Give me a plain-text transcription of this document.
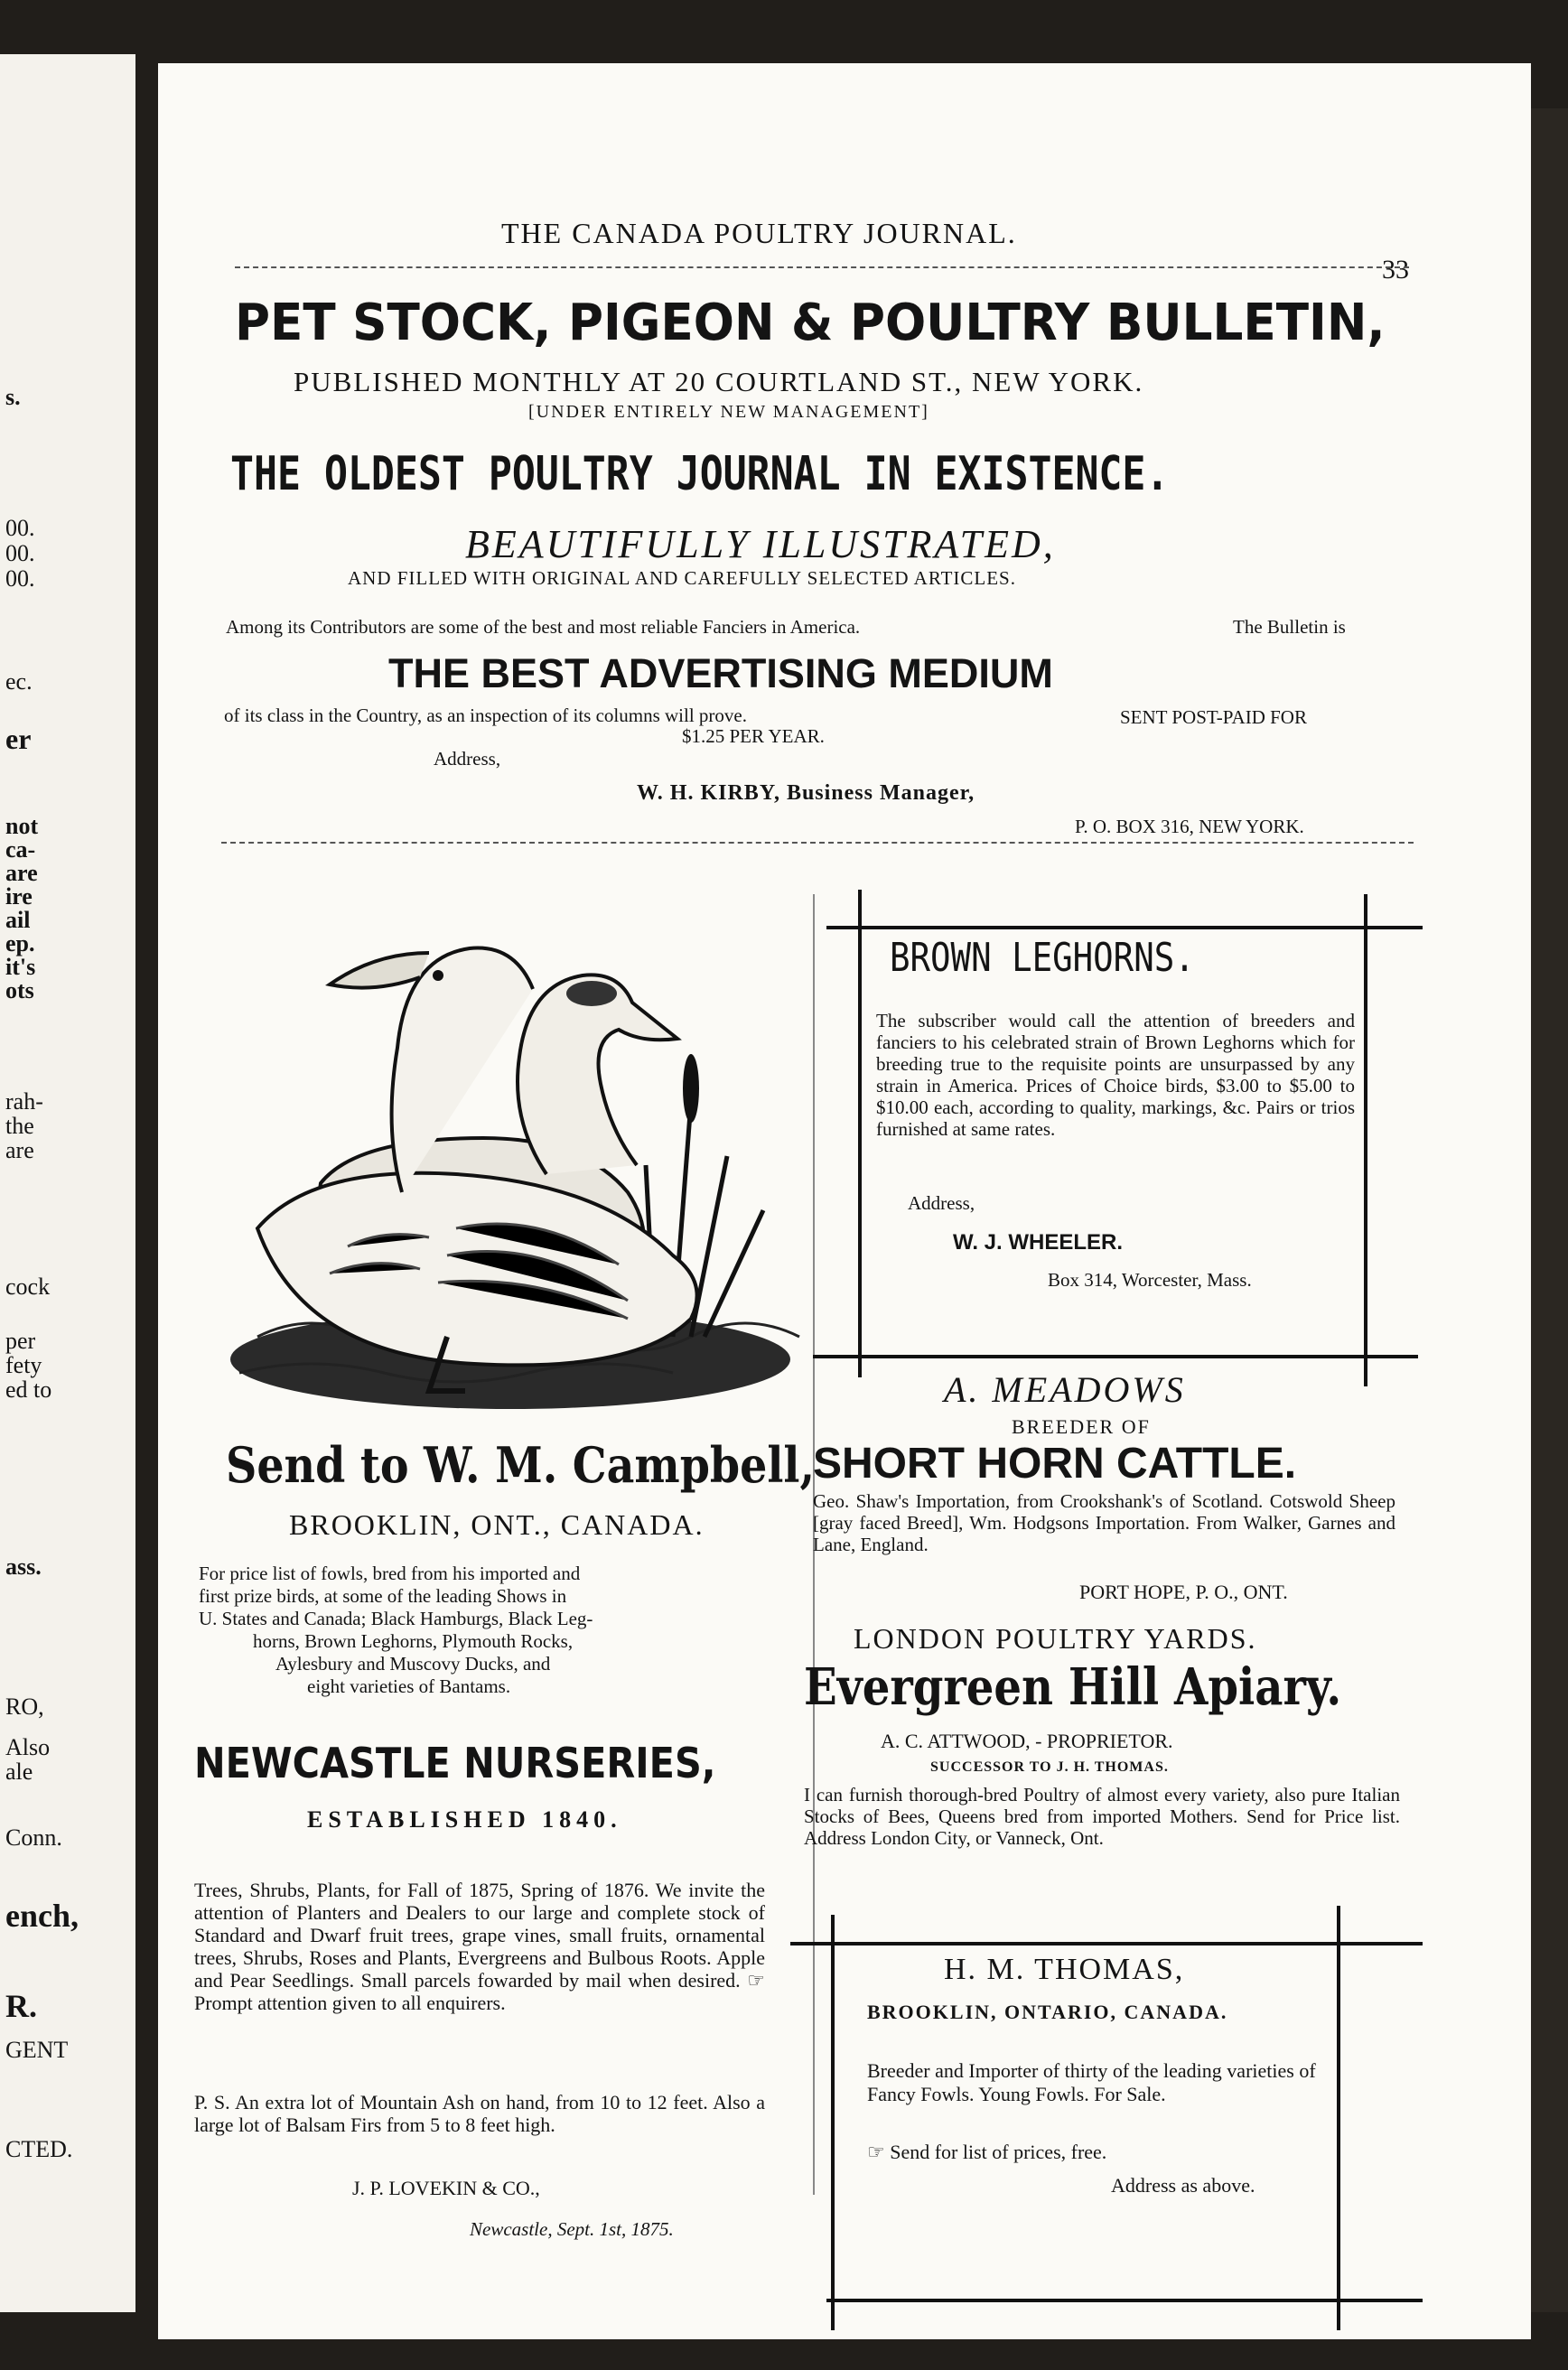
s.
00.
00.
00.
ec.
er
not
ca-
are
ire
ail
ep.
it's
ots
rah-
the
are
cock
per
fety
ed to
ass.
RO,
Also
ale
Conn.
ench,
R.
GENT
CTED.
THE CANADA POULTRY JOURNAL.
33
PET STOCK, PIGEON & POULTRY BULLETIN,
PUBLISHED MONTHLY AT 20 COURTLAND ST., NEW YORK.
[UNDER ENTIRELY NEW MANAGEMENT]
THE OLDEST POULTRY JOURNAL IN EXISTENCE.
BEAUTIFULLY ILLUSTRATED,
AND FILLED WITH ORIGINAL AND CAREFULLY SELECTED ARTICLES.
Among its Contributors are some of the best and most reliable Fanciers in America.	The Bulletin is
THE BEST ADVERTISING MEDIUM
of its class in the Country, as an inspection of its columns will prove.	SENT POST-PAID FOR
$1.25 PER YEAR.
Address,
W. H. KIRBY, Business Manager,
P. O. BOX 316, NEW YORK.
Send to W. M. Campbell,
BROOKLIN, ONT., CANADA.
For price list of fowls, bred from his imported and
first prize birds, at some of the leading Shows in
U. States and Canada; Black Hamburgs, Black Leg-
horns, Brown Leghorns, Plymouth Rocks,
Aylesbury and Muscovy Ducks, and
eight varieties of Bantams.
NEWCASTLE NURSERIES,
ESTABLISHED 1840.
Trees, Shrubs, Plants, for Fall of 1875, Spring of 1876. We invite the attention of Planters and Dealers to our large and complete stock of Standard and Dwarf fruit trees, grape vines, small fruits, ornamental trees, Shrubs, Roses and Plants, Evergreens and Bulbous Roots. Apple and Pear Seedlings. Small parcels fowarded by mail when desired. ☞ Prompt attention given to all enquirers.
P. S. An extra lot of Mountain Ash on hand, from 10 to 12 feet. Also a large lot of Balsam Firs from 5 to 8 feet high.
J. P. LOVEKIN & CO.,
Newcastle, Sept. 1st, 1875.
BROWN LEGHORNS.
The subscriber would call the attention of breeders and fanciers to his celebrated strain of Brown Leghorns which for breeding true to the requisite points are unsurpassed by any strain in America. Prices of Choice birds, $3.00 to $5.00 to $10.00 each, according to quality, markings, &c. Pairs or trios furnished at same rates.
Address,
W. J. WHEELER.
Box 314, Worcester, Mass.
A. MEADOWS
BREEDER OF
SHORT HORN CATTLE.
Geo. Shaw's Importation, from Crookshank's of Scotland. Cotswold Sheep [gray faced Breed], Wm. Hodgsons Importation. From Walker, Garnes and Lane, England.
PORT HOPE, P. O., ONT.
LONDON POULTRY YARDS.
Evergreen Hill Apiary.
A. C. ATTWOOD, - PROPRIETOR.
SUCCESSOR TO J. H. THOMAS.
I can furnish thorough-bred Poultry of almost every variety, also pure Italian Stocks of Bees, Queens bred from imported Mothers. Send for Price list. Address London City, or Vanneck, Ont.
H. M. THOMAS,
BROOKLIN, ONTARIO, CANADA.
Breeder and Importer of thirty of the leading varieties of Fancy Fowls. Young Fowls. For Sale.
☞ Send for list of prices, free.
Address as above.
